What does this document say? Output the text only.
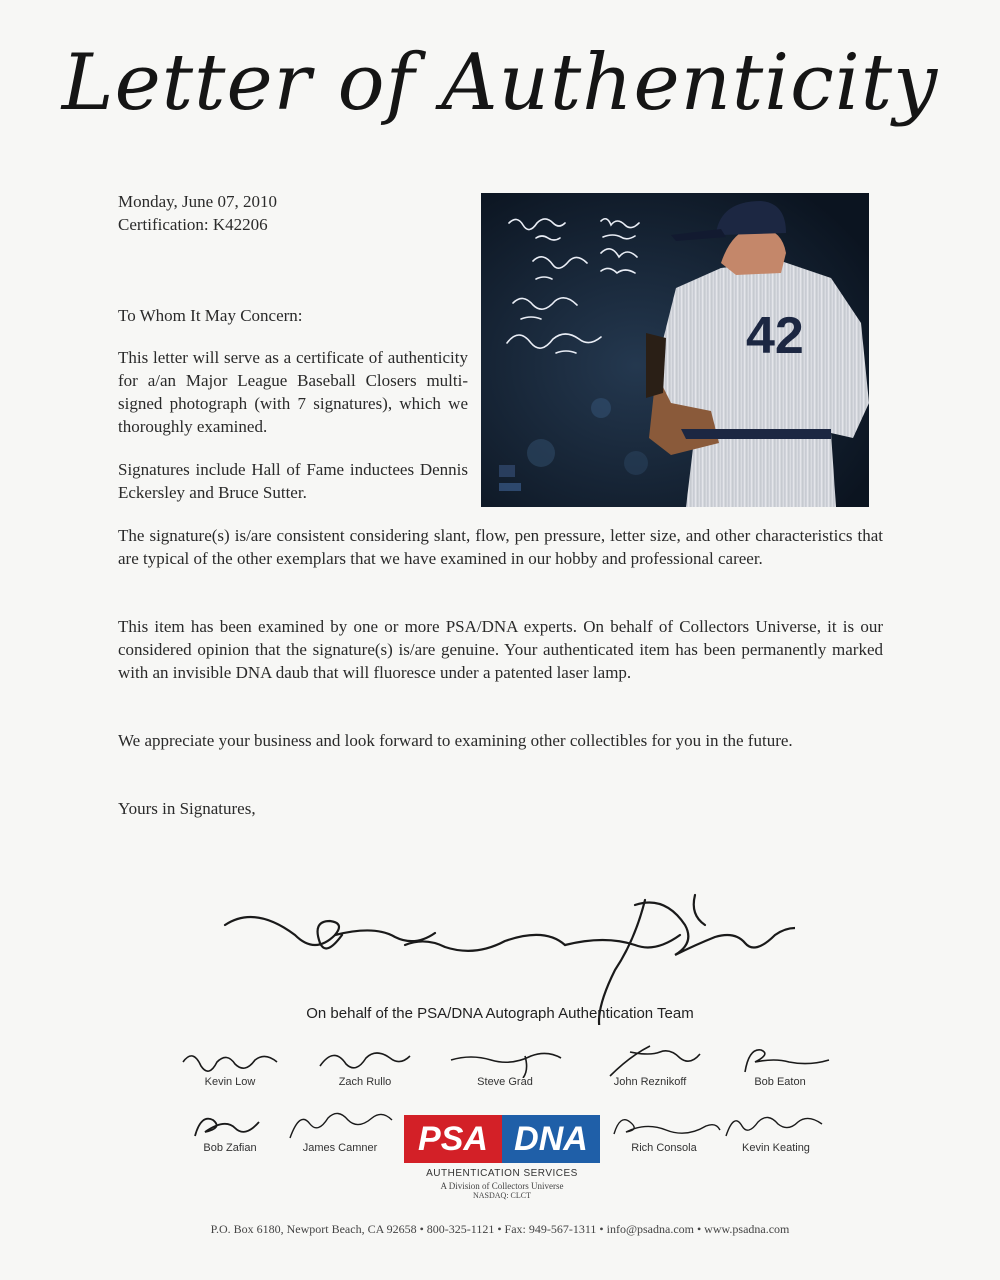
Letter of Authenticity
Monday, June 07, 2010
Certification: K42206
42
To Whom It May Concern:
This letter will serve as a certificate of authenticity for a/an Major League Baseball Closers multi-signed photograph (with 7 signatures), which we thoroughly examined.
Signatures include Hall of Fame inductees Dennis Eckersley and Bruce Sutter.
The signature(s) is/are consistent considering slant, flow, pen pressure, letter size, and other characteristics that are typical of the other exemplars that we have examined in our hobby and professional career.
This item has been examined by one or more PSA/DNA experts. On behalf of Collectors Universe, it is our considered opinion that the signature(s) is/are genuine. Your authenticated item has been permanently marked with an invisible DNA daub that will fluoresce under a patented laser lamp.
We appreciate your business and look forward to examining other collectibles for you in the future.
Yours in Signatures,
On behalf of the PSA/DNA Autograph Authentication Team
Kevin Low	Zach Rullo	Steve Grad	John Reznikoff	Bob Eaton
Bob Zafian	James Camner	Rich Consola	Kevin Keating
PSA DNA
AUTHENTICATION SERVICES
A Division of Collectors Universe
NASDAQ: CLCT
P.O. Box 6180, Newport Beach, CA 92658 • 800-325-1121 • Fax: 949-567-1311 • info@psadna.com • www.psadna.com
